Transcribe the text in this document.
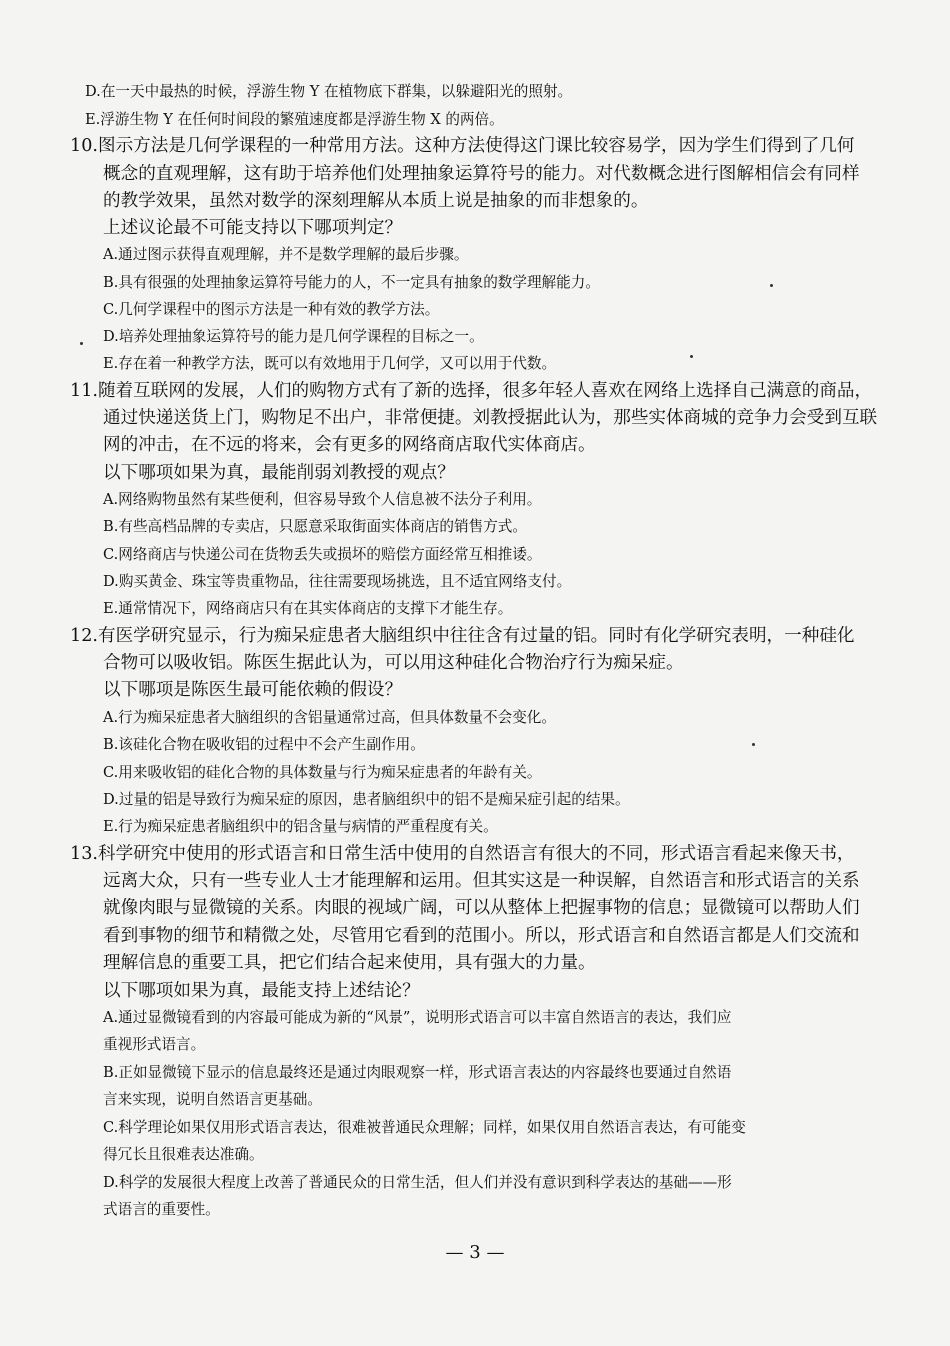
D.在一天中最热的时候，浮游生物 Y 在植物底下群集，以躲避阳光的照射。
E.浮游生物 Y 在任何时间段的繁殖速度都是浮游生物 X 的两倍。
10.图示方法是几何学课程的一种常用方法。这种方法使得这门课比较容易学，因为学生们得到了几何
概念的直观理解，这有助于培养他们处理抽象运算符号的能力。对代数概念进行图解相信会有同样
的教学效果，虽然对数学的深刻理解从本质上说是抽象的而非想象的。
上述议论最不可能支持以下哪项判定？
A.通过图示获得直观理解，并不是数学理解的最后步骤。
B.具有很强的处理抽象运算符号能力的人，不一定具有抽象的数学理解能力。
C.几何学课程中的图示方法是一种有效的教学方法。
D.培养处理抽象运算符号的能力是几何学课程的目标之一。
E.存在着一种教学方法，既可以有效地用于几何学，又可以用于代数。
11.随着互联网的发展，人们的购物方式有了新的选择，很多年轻人喜欢在网络上选择自己满意的商品，
通过快递送货上门，购物足不出户，非常便捷。刘教授据此认为，那些实体商城的竞争力会受到互联
网的冲击，在不远的将来，会有更多的网络商店取代实体商店。
以下哪项如果为真，最能削弱刘教授的观点？
A.网络购物虽然有某些便利，但容易导致个人信息被不法分子利用。
B.有些高档品牌的专卖店，只愿意采取街面实体商店的销售方式。
C.网络商店与快递公司在货物丢失或损坏的赔偿方面经常互相推诿。
D.购买黄金、珠宝等贵重物品，往往需要现场挑选，且不适宜网络支付。
E.通常情况下，网络商店只有在其实体商店的支撑下才能生存。
12.有医学研究显示，行为痴呆症患者大脑组织中往往含有过量的铝。同时有化学研究表明，一种硅化
合物可以吸收铝。陈医生据此认为，可以用这种硅化合物治疗行为痴呆症。
以下哪项是陈医生最可能依赖的假设？
A.行为痴呆症患者大脑组织的含铝量通常过高，但具体数量不会变化。
B.该硅化合物在吸收铝的过程中不会产生副作用。
C.用来吸收铝的硅化合物的具体数量与行为痴呆症患者的年龄有关。
D.过量的铝是导致行为痴呆症的原因，患者脑组织中的铝不是痴呆症引起的结果。
E.行为痴呆症患者脑组织中的铝含量与病情的严重程度有关。
13.科学研究中使用的形式语言和日常生活中使用的自然语言有很大的不同，形式语言看起来像天书，
远离大众，只有一些专业人士才能理解和运用。但其实这是一种误解，自然语言和形式语言的关系
就像肉眼与显微镜的关系。肉眼的视域广阔，可以从整体上把握事物的信息；显微镜可以帮助人们
看到事物的细节和精微之处，尽管用它看到的范围小。所以，形式语言和自然语言都是人们交流和
理解信息的重要工具，把它们结合起来使用，具有强大的力量。
以下哪项如果为真，最能支持上述结论？
A.通过显微镜看到的内容最可能成为新的“风景”，说明形式语言可以丰富自然语言的表达，我们应
重视形式语言。
B.正如显微镜下显示的信息最终还是通过肉眼观察一样，形式语言表达的内容最终也要通过自然语
言来实现，说明自然语言更基础。
C.科学理论如果仅用形式语言表达，很难被普通民众理解；同样，如果仅用自然语言表达，有可能变
得冗长且很难表达准确。
D.科学的发展很大程度上改善了普通民众的日常生活，但人们并没有意识到科学表达的基础——形
式语言的重要性。
— 3 —
